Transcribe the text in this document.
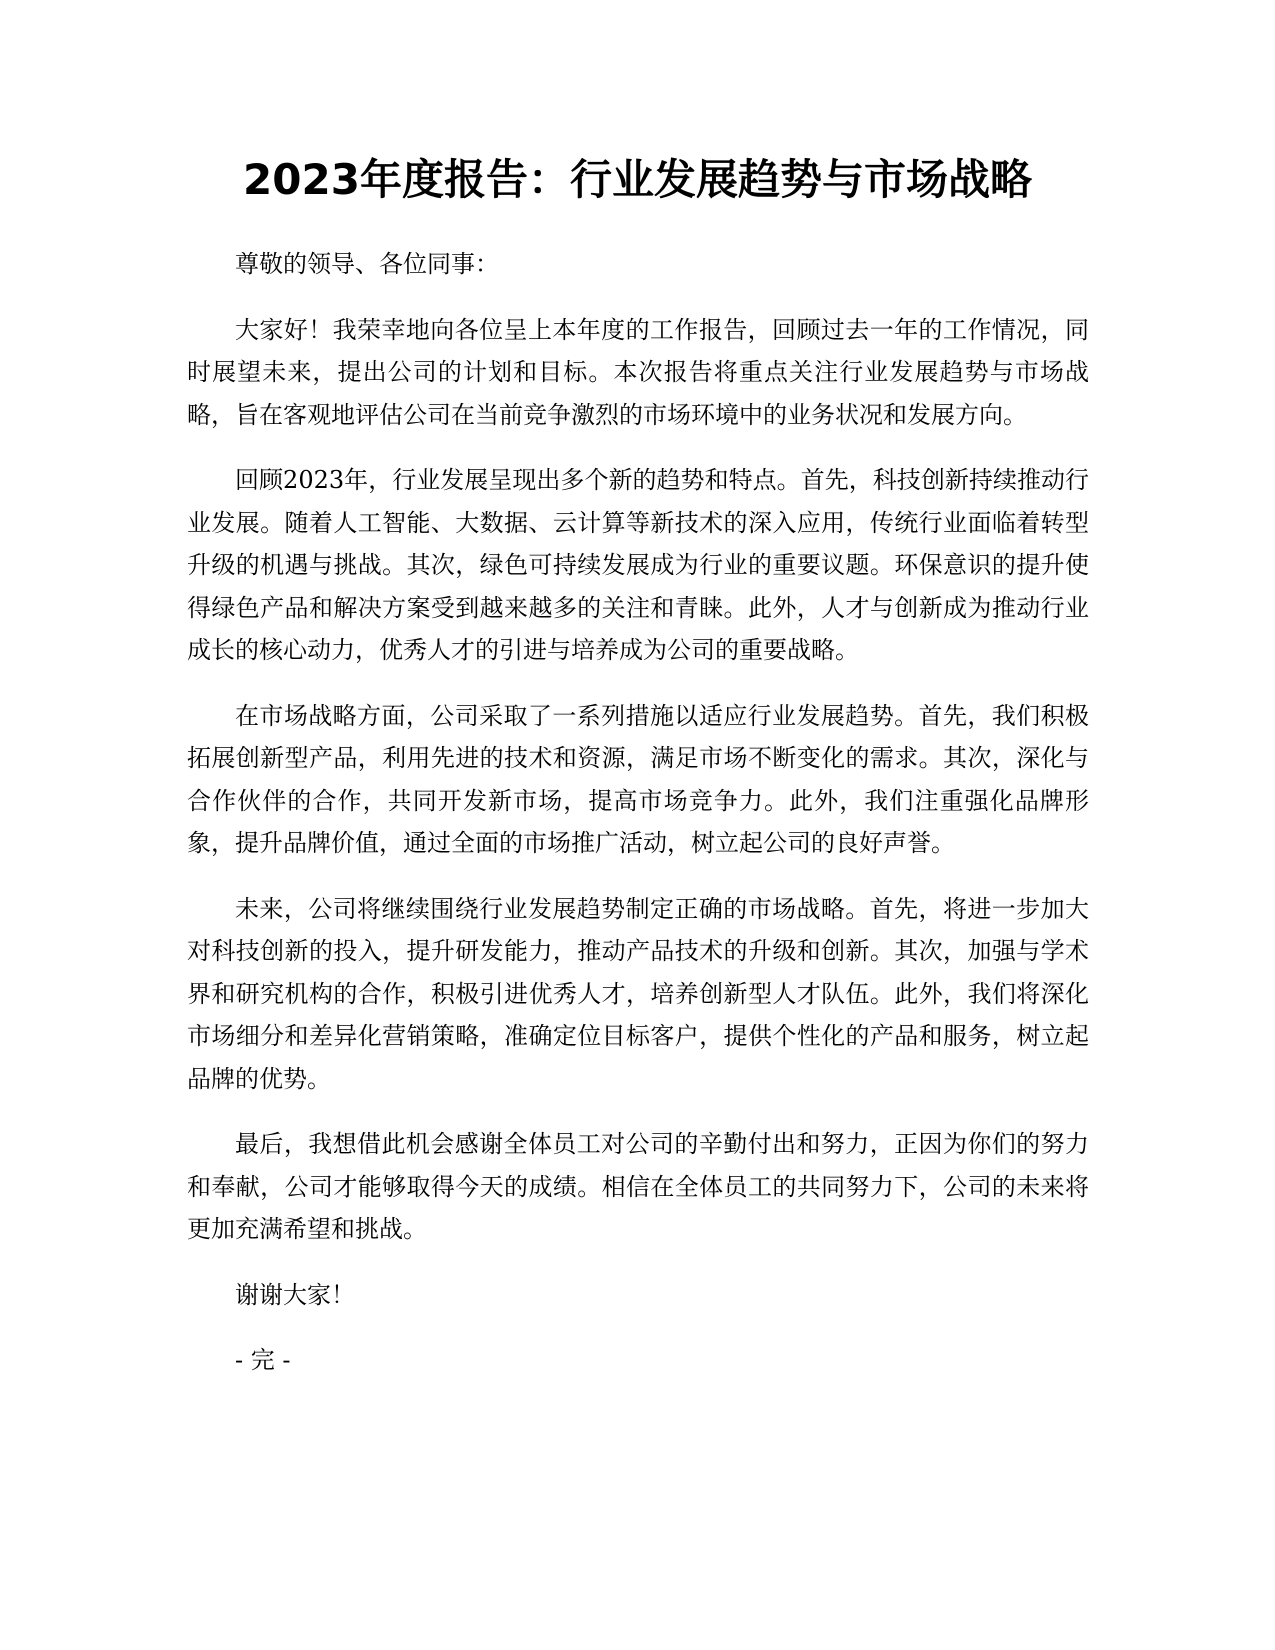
2023年度报告：行业发展趋势与市场战略

尊敬的领导、各位同事：

大家好！我荣幸地向各位呈上本年度的工作报告，回顾过去一年的工作情况，同时展望未来，提出公司的计划和目标。本次报告将重点关注行业发展趋势与市场战略，旨在客观地评估公司在当前竞争激烈的市场环境中的业务状况和发展方向。

回顾2023年，行业发展呈现出多个新的趋势和特点。首先，科技创新持续推动行业发展。随着人工智能、大数据、云计算等新技术的深入应用，传统行业面临着转型升级的机遇与挑战。其次，绿色可持续发展成为行业的重要议题。环保意识的提升使得绿色产品和解决方案受到越来越多的关注和青睐。此外，人才与创新成为推动行业成长的核心动力，优秀人才的引进与培养成为公司的重要战略。

在市场战略方面，公司采取了一系列措施以适应行业发展趋势。首先，我们积极拓展创新型产品，利用先进的技术和资源，满足市场不断变化的需求。其次，深化与合作伙伴的合作，共同开发新市场，提高市场竞争力。此外，我们注重强化品牌形象，提升品牌价值，通过全面的市场推广活动，树立起公司的良好声誉。

未来，公司将继续围绕行业发展趋势制定正确的市场战略。首先，将进一步加大对科技创新的投入，提升研发能力，推动产品技术的升级和创新。其次，加强与学术界和研究机构的合作，积极引进优秀人才，培养创新型人才队伍。此外，我们将深化市场细分和差异化营销策略，准确定位目标客户，提供个性化的产品和服务，树立起品牌的优势。

最后，我想借此机会感谢全体员工对公司的辛勤付出和努力，正因为你们的努力和奉献，公司才能够取得今天的成绩。相信在全体员工的共同努力下，公司的未来将更加充满希望和挑战。

谢谢大家！

- 完 -
